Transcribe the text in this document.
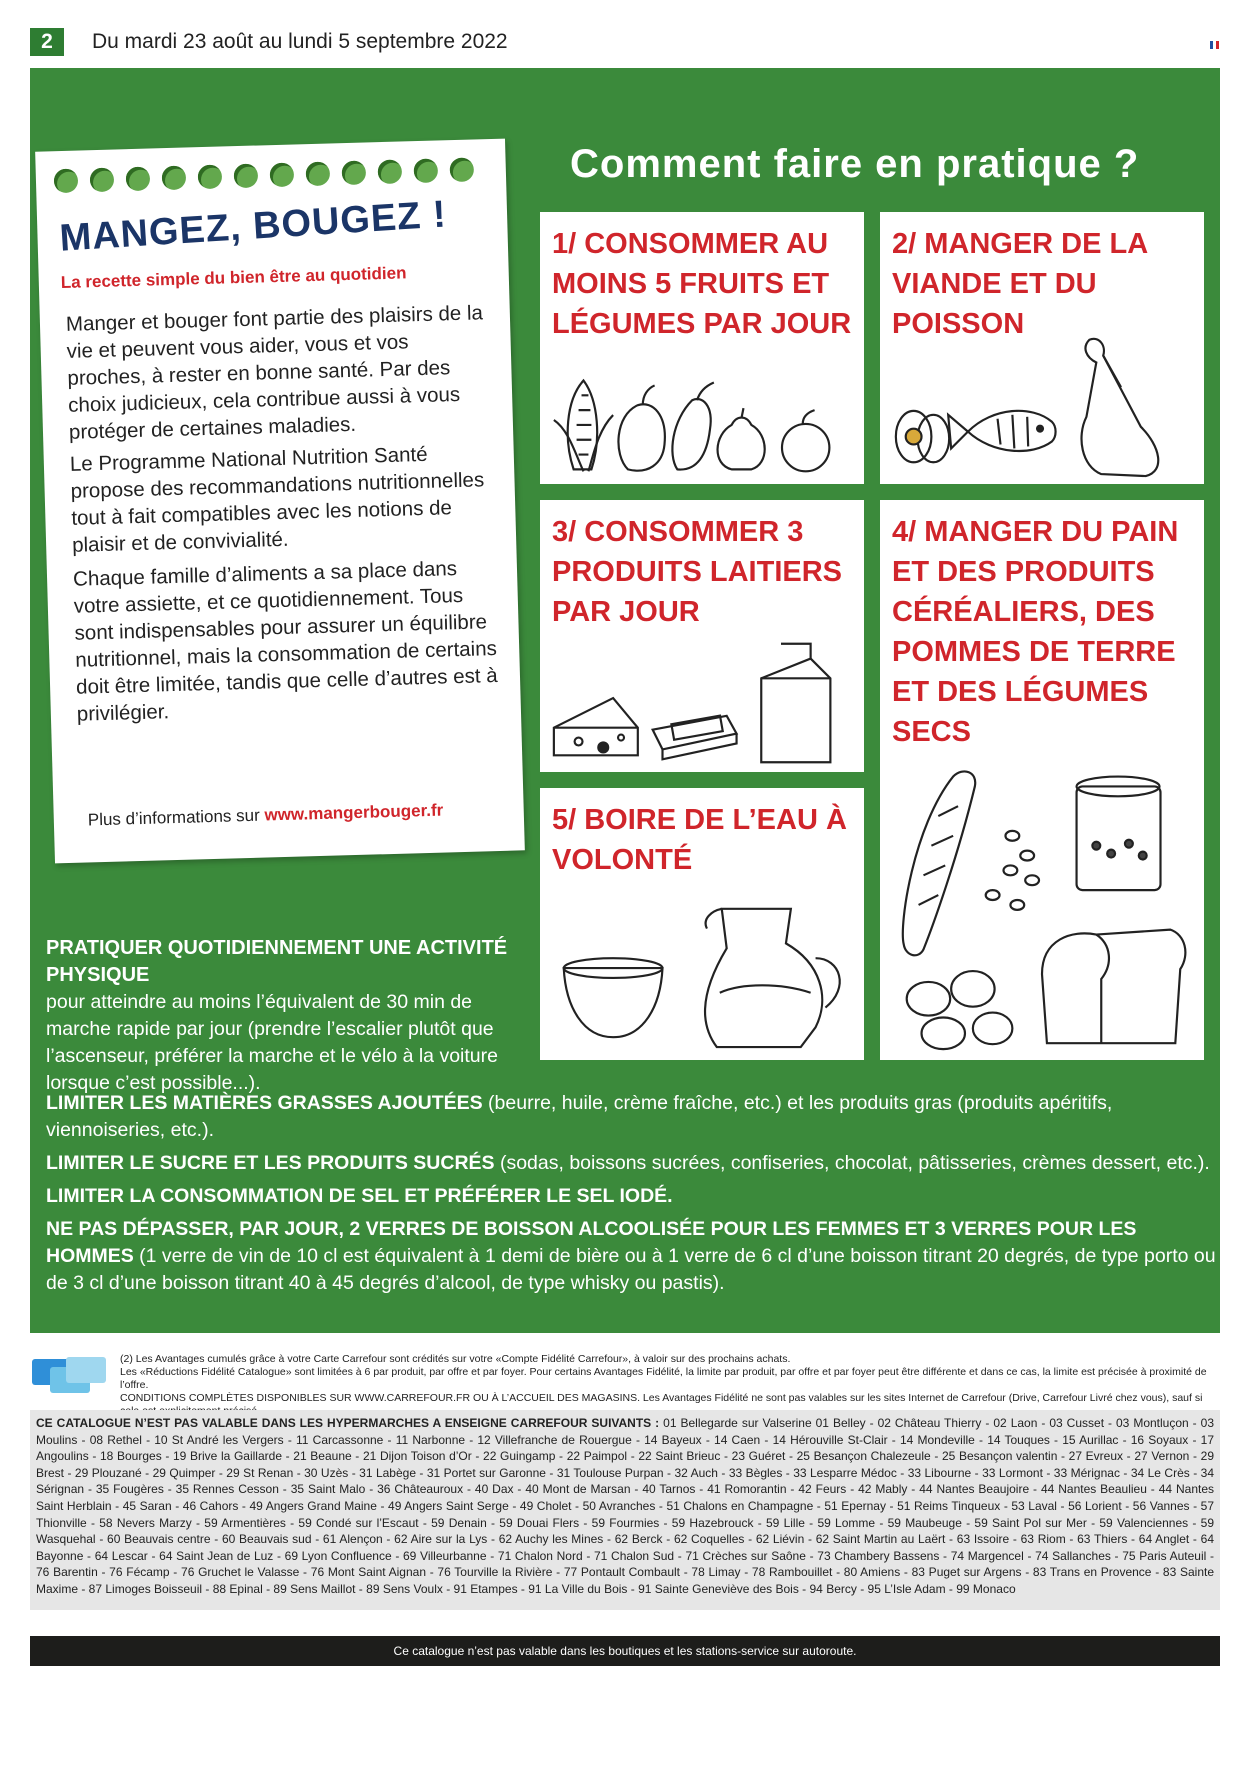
2	Du mardi 23 août au lundi 5 septembre 2022
MANGEZ, BOUGEZ !
La recette simple du bien être au quotidien
Manger et bouger font partie des plaisirs de la vie et peuvent vous aider, vous et vos proches, à rester en bonne santé. Par des choix judicieux, cela contribue aussi à vous protéger de certaines maladies.
Le Programme National Nutrition Santé propose des recommandations nutritionnelles tout à fait compatibles avec les notions de plaisir et de convivialité.
Chaque famille d’aliments a sa place dans votre assiette, et ce quotidiennement. Tous sont indispensables pour assurer un équilibre nutritionnel, mais la consommation de certains doit être limitée, tandis que celle d’autres est à privilégier.
Plus d’informations sur www.mangerbouger.fr
Comment faire en pratique ?
1/ CONSOMMER AU MOINS 5 FRUITS ET LÉGUMES PAR JOUR
2/ MANGER DE LA VIANDE ET DU POISSON
3/ CONSOMMER 3 PRODUITS LAITIERS PAR JOUR
4/ MANGER DU PAIN ET DES PRODUITS CÉRÉALIERS, DES POMMES DE TERRE ET DES LÉGUMES SECS
5/ BOIRE DE L’EAU À VOLONTÉ
PRATIQUER QUOTIDIENNEMENT UNE ACTIVITÉ PHYSIQUE
pour atteindre au moins l’équivalent de 30 min de marche rapide par jour (prendre l’escalier plutôt que l’ascenseur, préférer la marche et le vélo à la voiture lorsque c’est possible...).
LIMITER LES MATIÈRES GRASSES AJOUTÉES (beurre, huile, crème fraîche, etc.) et les produits gras (produits apéritifs, viennoiseries, etc.).
LIMITER LE SUCRE ET LES PRODUITS SUCRÉS (sodas, boissons sucrées, confiseries, chocolat, pâtisseries, crèmes dessert, etc.).
LIMITER LA CONSOMMATION DE SEL ET PRÉFÉRER LE SEL IODÉ.
NE PAS DÉPASSER, PAR JOUR, 2 VERRES DE BOISSON ALCOOLISÉE POUR LES FEMMES ET 3 VERRES POUR LES HOMMES (1 verre de vin de 10 cl est équivalent à 1 demi de bière ou à 1 verre de 6 cl d’une boisson titrant 20 degrés, de type porto ou de 3 cl d’une boisson titrant 40 à 45 degrés d’alcool, de type whisky ou pastis).
(2) Les Avantages cumulés grâce à votre Carte Carrefour sont crédités sur votre «Compte Fidélité Carrefour», à valoir sur des prochains achats.
Les «Réductions Fidélité Catalogue» sont limitées à 6 par produit, par offre et par foyer. Pour certains Avantages Fidélité, la limite par produit, par offre et par foyer peut être différente et dans ce cas, la limite est précisée à proximité de l’offre.
CONDITIONS COMPLÈTES DISPONIBLES SUR WWW.CARREFOUR.FR OU À L’ACCUEIL DES MAGASINS. Les Avantages Fidélité ne sont pas valables sur les sites Internet de Carrefour (Drive, Carrefour Livré chez vous), sauf si
CE CATALOGUE N’EST PAS VALABLE DANS LES HYPERMARCHES A ENSEIGNE CARREFOUR SUIVANTS : 01 Bellegarde sur Valserine 01 Belley - 02 Château Thierry - 02 Laon - 03 Cusset - 03 Montluçon - 03 Moulins - 08 Rethel - 10 St André les Vergers - 11 Carcassonne - 11 Narbonne - 12 Villefranche de Rouergue - 14 Bayeux - 14 Caen - 14 Hérouville St-Clair - 14 Mondeville - 14 Touques - 15 Aurillac - 16 Soyaux - 17 Angoulins - 18 Bourges - 19 Brive la Gaillarde - 21 Beaune - 21 Dijon Toison d’Or - 22 Guingamp - 22 Paimpol - 22 Saint Brieuc - 23 Guéret - 25 Besançon Chalezeule - 25 Besançon valentin - 27 Evreux - 27 Vernon - 29 Brest - 29 Plouzané - 29 Quimper - 29 St Renan - 30 Uzès - 31 Labège - 31 Portet sur Garonne - 31 Toulouse Purpan - 32 Auch - 33 Bègles - 33 Lesparre Médoc - 33 Libourne - 33 Lormont - 33 Mérignac - 34 Le Crès - 34 Sérignan - 35 Fougères - 35 Rennes Cesson - 35 Saint Malo - 36 Châteauroux - 40 Dax - 40 Mont de Marsan - 40 Tarnos - 41 Romorantin - 42 Feurs - 42 Mably - 44 Nantes Beaujoire - 44 Nantes Beaulieu - 44 Nantes Saint Herblain - 45 Saran - 46 Cahors - 49 Angers Grand Maine - 49 Angers Saint Serge - 49 Cholet - 50 Avranches - 51 Chalons en Champagne - 51 Epernay - 51 Reims Tinqueux - 53 Laval - 56 Lorient - 56 Vannes - 57 Thionville - 58 Nevers Marzy - 59 Armentières - 59 Condé sur l’Escaut - 59 Denain - 59 Douai Flers - 59 Fourmies - 59 Hazebrouck - 59 Lille - 59 Lomme - 59 Maubeuge - 59 Saint Pol sur Mer - 59 Valenciennes - 59 Wasquehal - 60 Beauvais centre - 60 Beauvais sud - 61 Alençon - 62 Aire sur la Lys - 62 Auchy les Mines - 62 Berck - 62 Coquelles - 62 Liévin - 62 Saint Martin au Laërt - 63 Issoire - 63 Riom - 63 Thiers - 64 Anglet - 64 Bayonne - 64 Lescar - 64 Saint Jean de Luz - 69 Lyon Confluence - 69 Villeurbanne - 71 Chalon Nord - 71 Chalon Sud - 71 Crèches sur Saône - 73 Chambery Bassens - 74 Margencel - 74 Sallanches - 75 Paris Auteuil - 76 Barentin - 76 Fécamp - 76 Gruchet le Valasse - 76 Mont Saint Aignan - 76 Tourville la Rivière - 77 Pontault Combault - 78 Limay - 78 Rambouillet - 80 Amiens - 83 Puget sur Argens - 83 Trans en Provence - 83 Sainte Maxime - 87 Limoges Boisseuil - 88 Epinal - 89 Sens Maillot - 89 Sens Voulx - 91 Etampes - 91 La Ville du Bois - 91 Sainte Geneviève des Bois - 94 Bercy - 95 L’Isle Adam - 99 Monaco
Ce catalogue n’est pas valable dans les boutiques et les stations-service sur autoroute.
